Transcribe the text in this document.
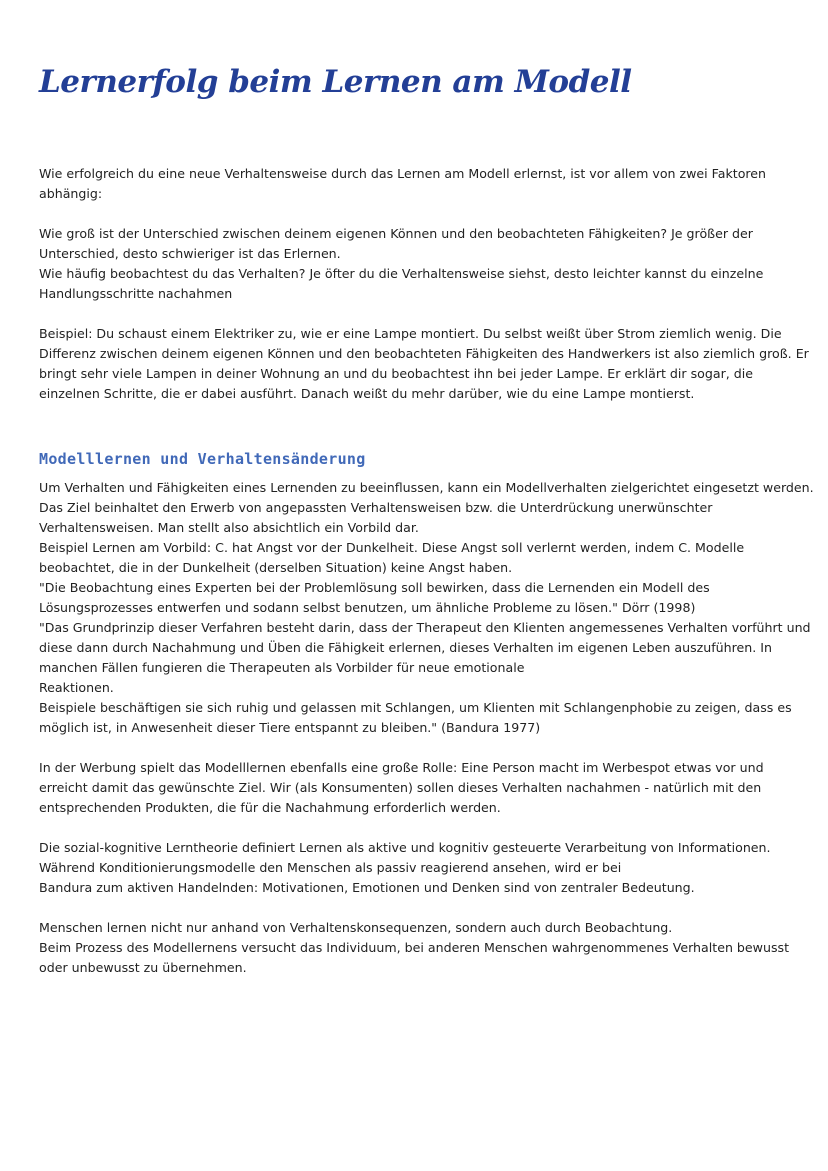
Lernerfolg beim Lernen am Modell

Wie erfolgreich du eine neue Verhaltensweise durch das Lernen am Modell erlernst, ist vor allem von zwei Faktoren abhängig:

Wie groß ist der Unterschied zwischen deinem eigenen Können und den beobachteten Fähigkeiten? Je größer der Unterschied, desto schwieriger ist das Erlernen.

Wie häufig beobachtest du das Verhalten? Je öfter du die Verhaltensweise siehst, desto leichter kannst du einzelne Handlungsschritte nachahmen

Beispiel: Du schaust einem Elektriker zu, wie er eine Lampe montiert. Du selbst weißt über Strom ziemlich wenig. Die Differenz zwischen deinem eigenen Können und den beobachteten Fähigkeiten des Handwerkers ist also ziemlich groß. Er bringt sehr viele Lampen in deiner Wohnung an und du beobachtest ihn bei jeder Lampe. Er erklärt dir sogar, die einzelnen Schritte, die er dabei ausführt. Danach weißt du mehr darüber, wie du eine Lampe montierst.

Modelllernen und Verhaltensänderung

Um Verhalten und Fähigkeiten eines Lernenden zu beeinflussen, kann ein Modellverhalten zielgerichtet eingesetzt werden. Das Ziel beinhaltet den Erwerb von angepassten Verhaltensweisen bzw. die Unterdrückung unerwünschter Verhaltensweisen. Man stellt also absichtlich ein Vorbild dar.

Beispiel Lernen am Vorbild: C. hat Angst vor der Dunkelheit. Diese Angst soll verlernt werden, indem C. Modelle beobachtet, die in der Dunkelheit (derselben Situation) keine Angst haben.

"Die Beobachtung eines Experten bei der Problemlösung soll bewirken, dass die Lernenden ein Modell des Lösungsprozesses entwerfen und sodann selbst benutzen, um ähnliche Probleme zu lösen." Dörr (1998)

"Das Grundprinzip dieser Verfahren besteht darin, dass der Therapeut den Klienten angemessenes Verhalten vorführt und diese dann durch Nachahmung und Üben die Fähigkeit erlernen, dieses Verhalten im eigenen Leben auszuführen. In manchen Fällen fungieren die Therapeuten als Vorbilder für neue emotionale

Reaktionen.

Beispiele beschäftigen sie sich ruhig und gelassen mit Schlangen, um Klienten mit Schlangenphobie zu zeigen, dass es möglich ist, in Anwesenheit dieser Tiere entspannt zu bleiben." (Bandura 1977)

In der Werbung spielt das Modelllernen ebenfalls eine große Rolle: Eine Person macht im Werbespot etwas vor und erreicht damit das gewünschte Ziel. Wir (als Konsumenten) sollen dieses Verhalten nachahmen - natürlich mit den entsprechenden Produkten, die für die Nachahmung erforderlich werden.

Die sozial-kognitive Lerntheorie definiert Lernen als aktive und kognitiv gesteuerte Verarbeitung von Informationen.

Während Konditionierungsmodelle den Menschen als passiv reagierend ansehen, wird er bei

Bandura zum aktiven Handelnden: Motivationen, Emotionen und Denken sind von zentraler Bedeutung.

Menschen lernen nicht nur anhand von Verhaltenskonsequenzen, sondern auch durch Beobachtung.

Beim Prozess des Modellernens versucht das Individuum, bei anderen Menschen wahrgenommenes Verhalten bewusst oder unbewusst zu übernehmen.
